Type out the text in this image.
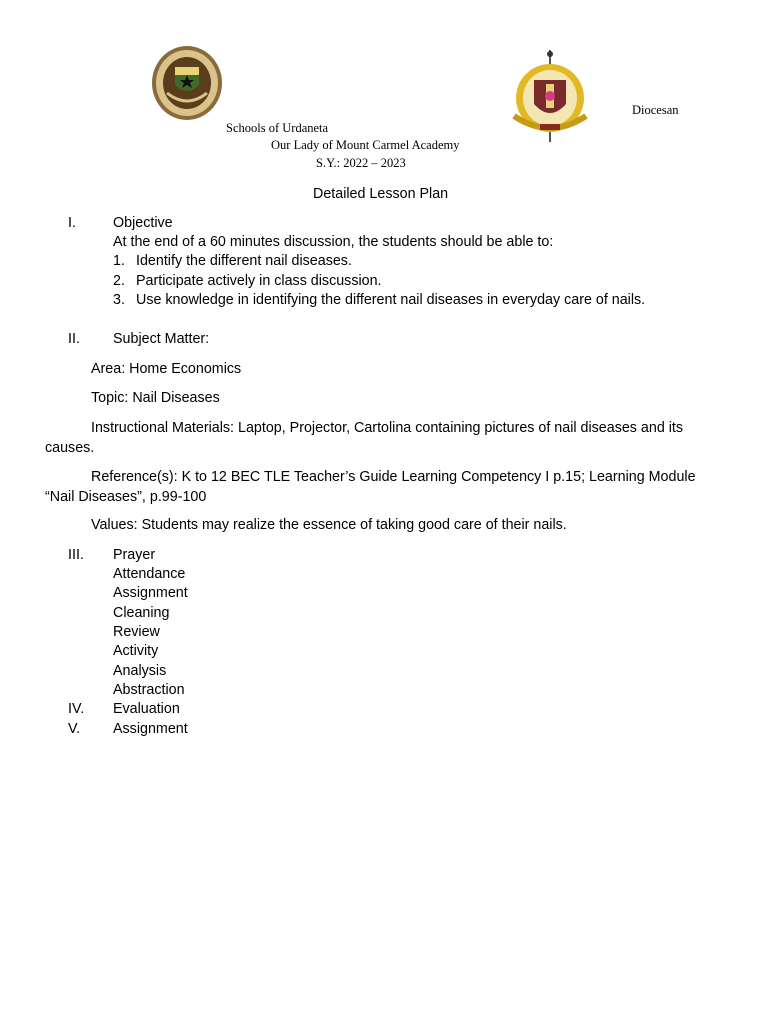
Diocesan
Schools of Urdaneta
Our Lady of Mount Carmel Academy
S.Y.: 2022 – 2023
Detailed Lesson Plan
I.	Objective
At the end of a 60 minutes discussion, the students should be able to:
1. Identify the different nail diseases.
2. Participate actively in class discussion.
3. Use knowledge in identifying the different nail diseases in everyday care of nails.
II. Subject Matter:
Area: Home Economics
Topic: Nail Diseases
Instructional Materials: Laptop, Projector, Cartolina containing pictures of nail diseases and its causes.
Reference(s): K to 12 BEC TLE Teacher’s Guide Learning Competency I p.15; Learning Module “Nail Diseases”, p.99-100
Values: Students may realize the essence of taking good care of their nails.
III. Prayer
Attendance
Assignment
Cleaning
Review
Activity
Analysis
Abstraction
IV. Evaluation
V. Assignment
